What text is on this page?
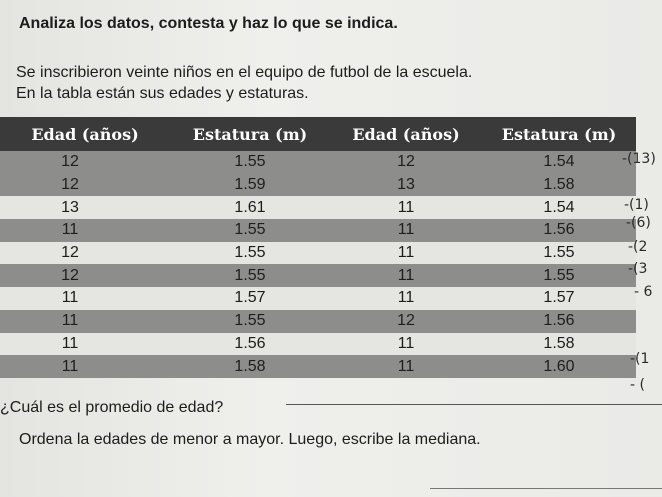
Analiza los datos, contesta y haz lo que se indica.
Se inscribieron veinte niños en el equipo de futbol de la escuela.
En la tabla están sus edades y estaturas.
Edad (años)	Estatura (m)	Edad (años)	Estatura (m)
12	1.55	12	1.54
12	1.59	13	1.58
13	1.61	11	1.54
11	1.55	11	1.56
12	1.55	11	1.55
12	1.55	11	1.55
11	1.57	11	1.57
11	1.55	12	1.56
11	1.56	11	1.58
11	1.58	11	1.60
-(13)
-(1)
-(6)
-(2
-(3
- 6
-(1
- (
¿Cuál es el promedio de edad?
Ordena la edades de menor a mayor. Luego, escribe la mediana.
